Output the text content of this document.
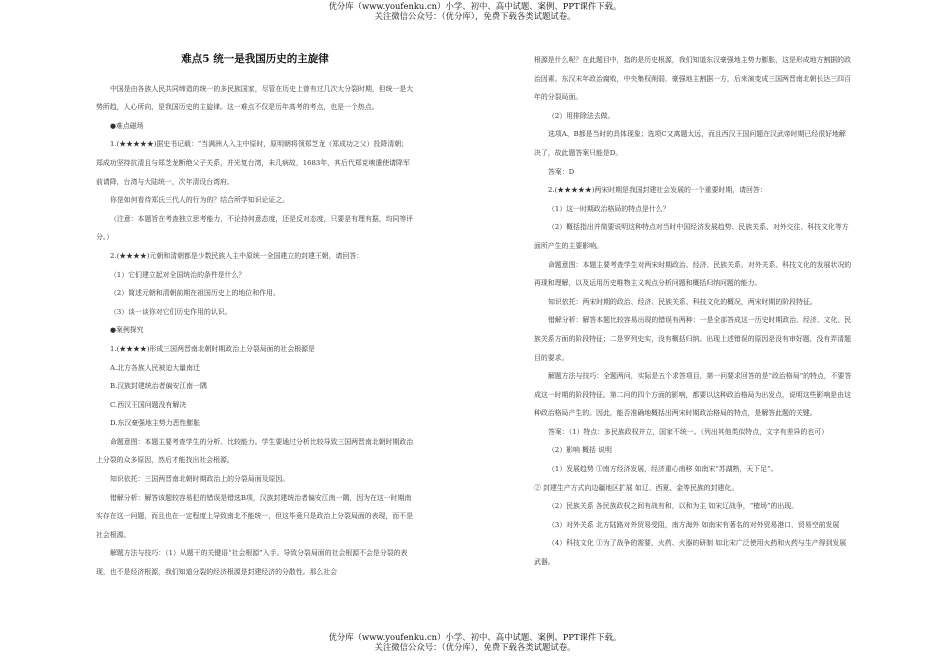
优分库（www.youfenku.cn）小学、初中、高中试题、案例、PPT课件下载。
关注微信公众号：（优分库），免费下载各类试题试卷。
难点5 统一是我国历史的主旋律

中国是由各族人民共同缔造的统一的多民族国家，尽管在历史上曾有过几次大分裂时期，但统一是大势所趋，人心所向，是我国历史的主旋律。这一难点不仅是历年高考的考点，也是一个热点。

●难点磁场

1.(★★★★★)据史书记载：“当满洲人入主中原时，原明朝将领郑芝龙（郑成功之父）投降清朝；郑成功坚持抗清且与郑芝龙断绝父子关系，并光复台湾，未几病故，1683年，其后代郑克塽遣使请降军前请降，台湾与大陆统一，次年清设台湾府。

你是如何看待郑氏三代人的行为的？结合所学知识论证之。

（注意：本题旨在考查独立思考能力，不论持何意态度，还是反对态度，只要是有理有据，均同等评分。）

2.(★★★★)元朝和清朝都是少数民族入主中原统一全国建立的封建王朝，请回答：

（1）它们建立起对全国统治的条件是什么？

（2）简述元朝和清朝前期在祖国历史上的地位和作用。

（3）谈一谈你对它们历史作用的认识。

●案例探究

1.(★★★★)形成三国两晋南北朝时期政治上分裂局面的社会根源是

A.北方各族人民被迫大量南迁

B.汉族封建统治者偏安江南一隅

C.西汉王国问题没有解决

D.东汉豪强地主势力恶性膨胀

命题意图：本题主要考查学生的分析、比较能力。学生要通过分析比较导致三国两晋南北朝时期政治上分裂的众多原因，然后才能找出社会根源。

知识依托：三国两晋南北朝时期政治上的分裂局面及原因。

错解分析：解答该题较容易犯的错误是错选B项，汉族封建统治者偏安江南一隅，因为在这一时期南实存在这一问题，而且也在一定程度上导致南北不能统一，但这毕竟只是政治上分裂局面的表现，而不是社会根源。

解题方法与技巧：（1）从题干的关键语“社会根源”入手。导致分裂局面的社会根源不会是分裂的表现，也不是经济根源，我们知道分裂的经济根源是封建经济的分散性。那么社会

根源是什么呢？在此题目中，指的是历史根源，我们知道东汉豪强地主势力膨胀，这是形成地方割据的政治因素。东汉末年政治腐败，中央集权削弱，豪强地主割据一方，后来演变成三国两晋南北朝长达三四百年的分裂局面。

（2）用排除法去做。

选项A、B都是当时的具体现象；选项C又离题太远，而且西汉王国问题在汉武帝时期已经很好地解决了，故此题答案只能是D。

答案：D

2.(★★★★★)两宋时期是我国封建社会发展的一个重要时期，请回答：

（1）这一时期政治格局的特点是什么？

（2）概括指出并简要说明这种特点对当时中国经济发展趋势、民族关系、对外交往、科技文化等方面所产生的主要影响。

命题意图：本题主要考查学生对两宋时期政治、经济、民族关系、对外关系、科技文化的发展状况的再现和理解，以及运用历史唯物主义观点分析问题和概括归纳问题的能力。

知识依托：两宋时期的政治、经济、民族关系、科技文化的概况，两宋时期的阶段特征。

错解分析：解答本题比较容易出现的错误有两种：一是全部答成这一历史时期政治、经济、文化、民族关系方面的阶段特征；二是罗列史实，没有概括归纳。出现上述错误的原因是没有审好题，没有弄清题目的要求。

解题方法与技巧：全题两问，实际是五个求答项目，第一问要求回答的是“政治格局”的特点，不要答成这一时期的阶段特征。第二问的四个方面的影响，都要以这种政治格局为出发点，说明这些影响是由这种政治格局产生的。因此，能否准确地概括出两宋时期政治格局的特点，是解答此题的关键。

答案：（1）特点：多民族政权并立，国家不统一。（列出其他类似特点，文字有差异的也可）

（2）影响 概括 说明

（1）发展趋势 ①南方经济发展，经济重心南移 如南宋“苏湖熟，天下足”。

② 封建生产方式向边疆地区扩展 如辽、西夏、金等民族的封建化。

（2）民族关系 各民族政权之间有战有和，以和为主 如宋辽战争，“榷场”的出现。

（3）对外关系 北方陆路对外贸易受阻，南方海外 如南宋有著名的对外贸易港口，贸易空前发展

（4）科技文化 ①为了战争的需要，火药、火器的研制 如北宋广泛使用火药和火药与生产得到发展 武器。

优分库（www.youfenku.cn）小学、初中、高中试题、案例、PPT课件下载。
关注微信公众号：（优分库），免费下载各类试题试卷。
